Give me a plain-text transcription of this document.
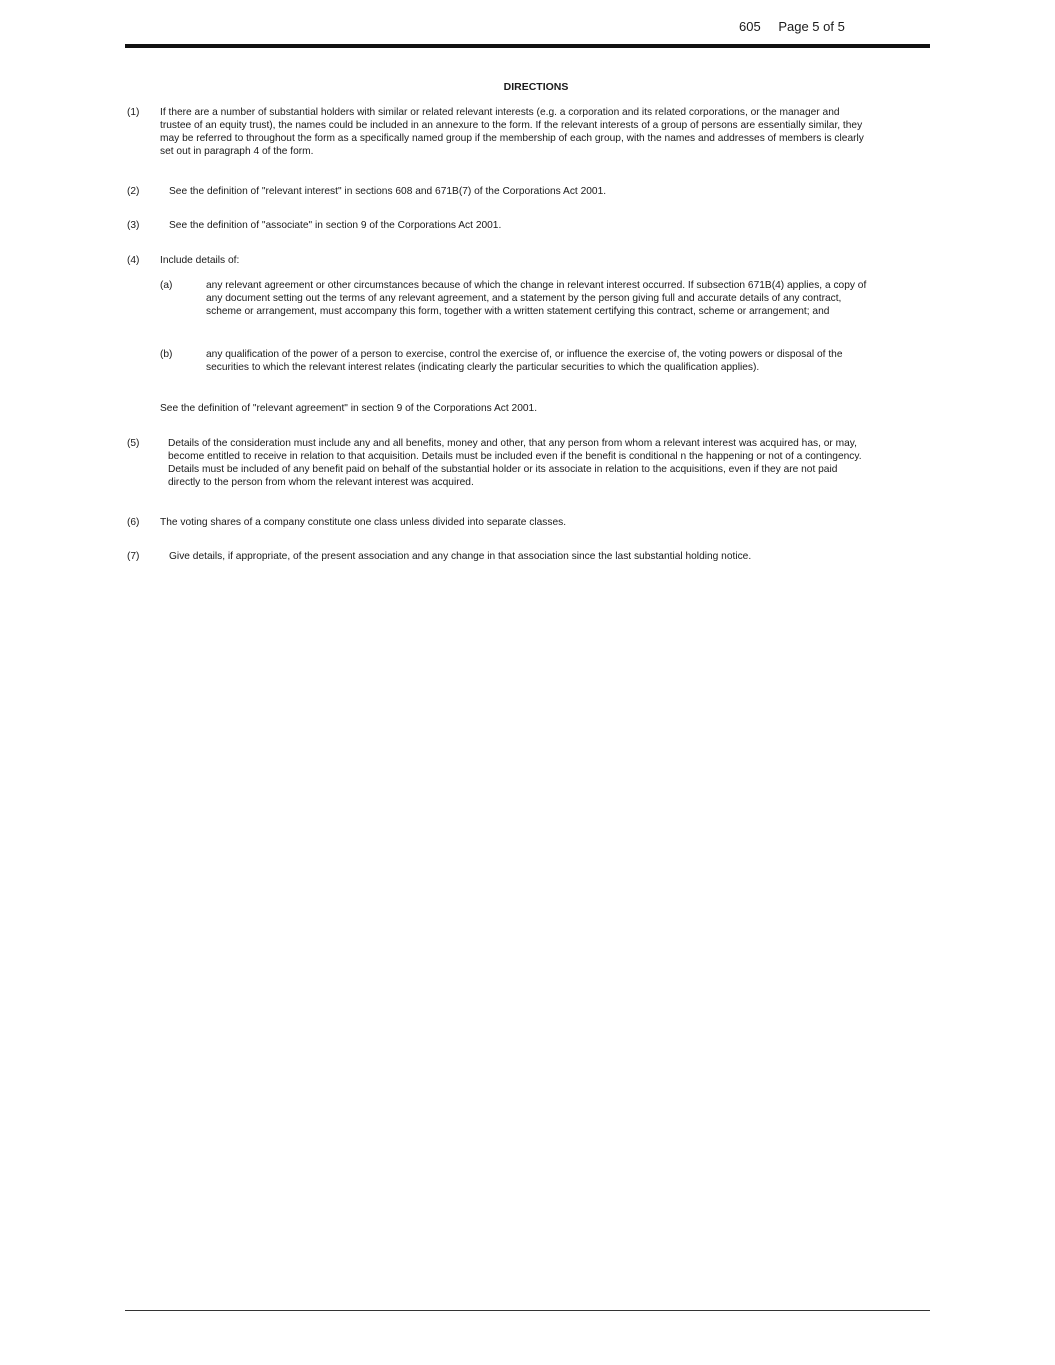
605 Page 5 of 5
DIRECTIONS
(1) If there are a number of substantial holders with similar or related relevant interests (e.g. a corporation and its related corporations, or the manager and
trustee of an equity trust), the names could be included in an annexure to the form. If the relevant interests of a group of persons are essentially similar, they
may be referred to throughout the form as a specifically named group if the membership of each group, with the names and addresses of members is clearly
set out in paragraph 4 of the form.
(2)	See the definition of "relevant interest" in sections 608 and 671B(7) of the Corporations Act 2001.
(3)	See the definition of "associate" in section 9 of the Corporations Act 2001.
(4) Include details of:
(a)	any relevant agreement or other circumstances because of which the change in relevant interest occurred. If subsection 671B(4) applies, a copy of
any document setting out the terms of any relevant agreement, and a statement by the person giving full and accurate details of any contract,
scheme or arrangement, must accompany this form, together with a written statement certifying this contract, scheme or arrangement; and
(b)	any qualification of the power of a person to exercise, control the exercise of, or influence the exercise of, the voting powers or disposal of the
securities to which the relevant interest relates (indicating clearly the particular securities to which the qualification applies).
See the definition of "relevant agreement" in section 9 of the Corporations Act 2001.
(5)	Details of the consideration must include any and all benefits, money and other, that any person from whom a relevant interest was acquired has, or may,
become entitled to receive in relation to that acquisition. Details must be included even if the benefit is conditional n the happening or not of a contingency.
Details must be included of any benefit paid on behalf of the substantial holder or its associate in relation to the acquisitions, even if they are not paid
directly to the person from whom the relevant interest was acquired.
(6) The voting shares of a company constitute one class unless divided into separate classes.
(7)	Give details, if appropriate, of the present association and any change in that association since the last substantial holding notice.
